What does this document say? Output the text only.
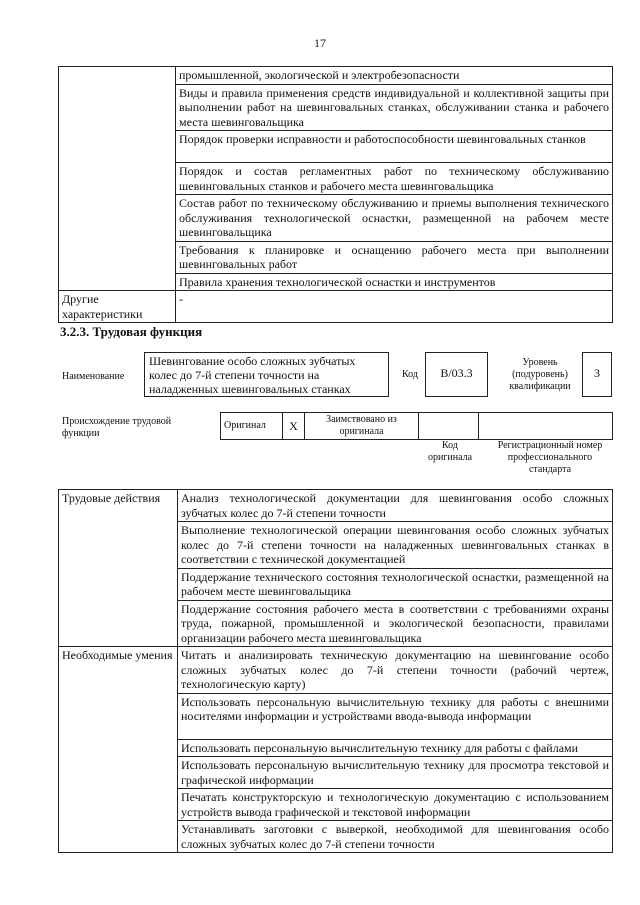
17
	промышленной, экологической и электробезопасности
	Виды и правила применения средств индивидуальной и коллективной защиты при выполнении работ на шевинговальных станках, обслуживании станка и рабочего места шевинговальщика
	Порядок проверки исправности и работоспособности шевинговальных станков
	Порядок и состав регламентных работ по техническому обслуживанию шевинговальных станков и рабочего места шевинговальщика
	Состав работ по техническому обслуживанию и приемы выполнения технического обслуживания технологической оснастки, размещенной на рабочем месте шевинговальщика
	Требования к планировке и оснащению рабочего места при выполнении шевинговальных работ
	Правила хранения технологической оснастки и инструментов
Другие характеристики	-
3.2.3. Трудовая функция
Наименование
Шевингование особо сложных зубчатых колес до 7-й степени точности на наладженных шевинговальных станках
Код	B/03.3
Уровень (подуровень) квалификации
3
Происхождение трудовой функции
Оригинал	X	Заимствовано из оригинала		
Код оригинала
Регистрационный номер профессионального стандарта
Трудовые действия	Анализ технологической документации для шевингования особо сложных зубчатых колес до 7-й степени точности
	Выполнение технологической операции шевингования особо сложных зубчатых колес до 7-й степени точности на наладженных шевинговальных станках в соответствии с технической документацией
	Поддержание технического состояния технологической оснастки, размещенной на рабочем месте шевинговальщика
	Поддержание состояния рабочего места в соответствии с требованиями охраны труда, пожарной, промышленной и экологической безопасности, правилами организации рабочего места шевинговальщика
Необходимые умения	Читать и анализировать техническую документацию на шевингование особо сложных зубчатых колес до 7-й степени точности (рабочий чертеж, технологическую карту)
	Использовать персональную вычислительную технику для работы с внешними носителями информации и устройствами ввода-вывода информации
	Использовать персональную вычислительную технику для работы с файлами
	Использовать персональную вычислительную технику для просмотра текстовой и графической информации
	Печатать конструкторскую и технологическую документацию с использованием устройств вывода графической и текстовой информации
	Устанавливать заготовки с выверкой, необходимой для шевингования особо сложных зубчатых колес до 7-й степени точности
